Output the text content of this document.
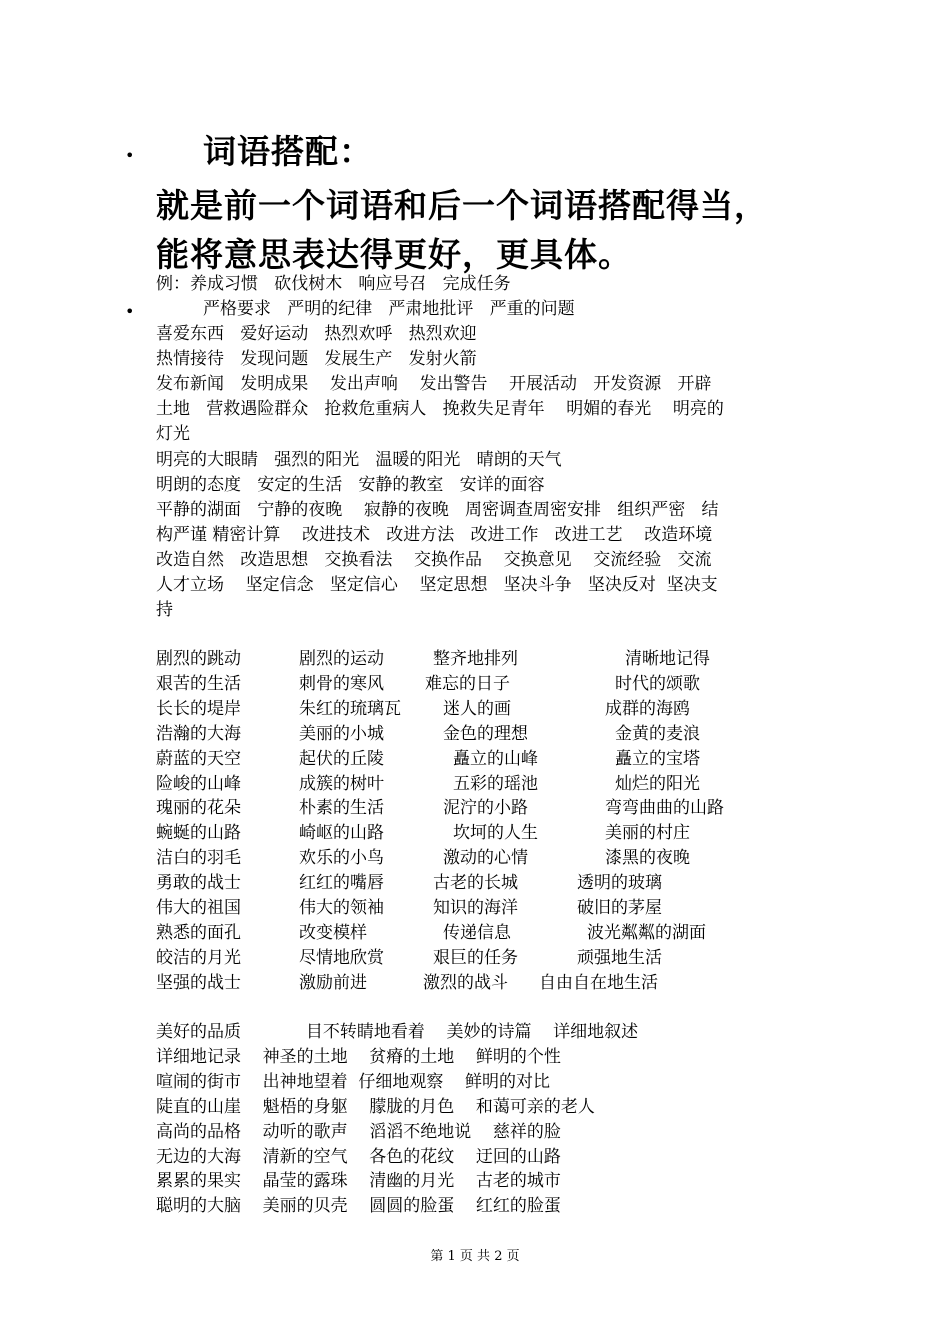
•
•
词语搭配：
就是前一个词语和后一个词语搭配得当，
能将意思表达得更好，更具体。
例：养成习惯   砍伐树木   响应号召   完成任务
严格要求   严明的纪律   严肃地批评   严重的问题
喜爱东西   爱好运动   热烈欢呼   热烈欢迎
热情接待   发现问题   发展生产   发射火箭
发布新闻   发明成果    发出声响    发出警告    开展活动   开发资源   开辟
土地   营救遇险群众   抢救危重病人   挽救失足青年    明媚的春光    明亮的
灯光
明亮的大眼睛   强烈的阳光   温暖的阳光   晴朗的天气
明朗的态度   安定的生活   安静的教室   安详的面容
平静的湖面   宁静的夜晚    寂静的夜晚   周密调查周密安排   组织严密   结
构严谨 精密计算    改进技术   改进方法   改进工作   改进工艺    改造环境
改造自然   改造思想   交换看法    交换作品    交换意见    交流经验   交流
人才立场    坚定信念   坚定信心    坚定思想   坚决斗争   坚决反对  坚决支
持
剧烈的跳动	剧烈的运动	整齐地排列	清晰地记得
艰苦的生活	刺骨的寒风 难忘的日子	时代的颂歌
长长的堤岸	朱红的琉璃瓦 迷人的画	成群的海鸥
浩瀚的大海	美丽的小城	金色的理想	金黄的麦浪
蔚蓝的天空	起伏的丘陵	矗立的山峰	矗立的宝塔
险峻的山峰	成簇的树叶	五彩的瑶池	灿烂的阳光
瑰丽的花朵	朴素的生活	泥泞的小路	弯弯曲曲的山路
蜿蜒的山路	崎岖的山路	坎坷的人生	美丽的村庄
洁白的羽毛	欢乐的小鸟	激动的心情	漆黑的夜晚
勇敢的战士	红红的嘴唇	古老的长城	透明的玻璃
伟大的祖国	伟大的领袖	知识的海洋	破旧的茅屋
熟悉的面孔	改变模样	传递信息	波光粼粼的湖面
皎洁的月光	尽情地欣赏	艰巨的任务	顽强地生活
坚强的战士	激励前进	激烈的战斗 自由自在地生活
美好的品质            目不转睛地看着    美妙的诗篇    详细地叙述
详细地记录    神圣的土地    贫瘠的土地    鲜明的个性
喧闹的街市    出神地望着  仔细地观察    鲜明的对比
陡直的山崖    魁梧的身躯    朦胧的月色    和蔼可亲的老人
高尚的品格    动听的歌声    滔滔不绝地说    慈祥的脸
无边的大海    清新的空气    各色的花纹    迂回的山路
累累的果实    晶莹的露珠    清幽的月光    古老的城市
聪明的大脑    美丽的贝壳    圆圆的脸蛋    红红的脸蛋
第 1 页 共 2 页
